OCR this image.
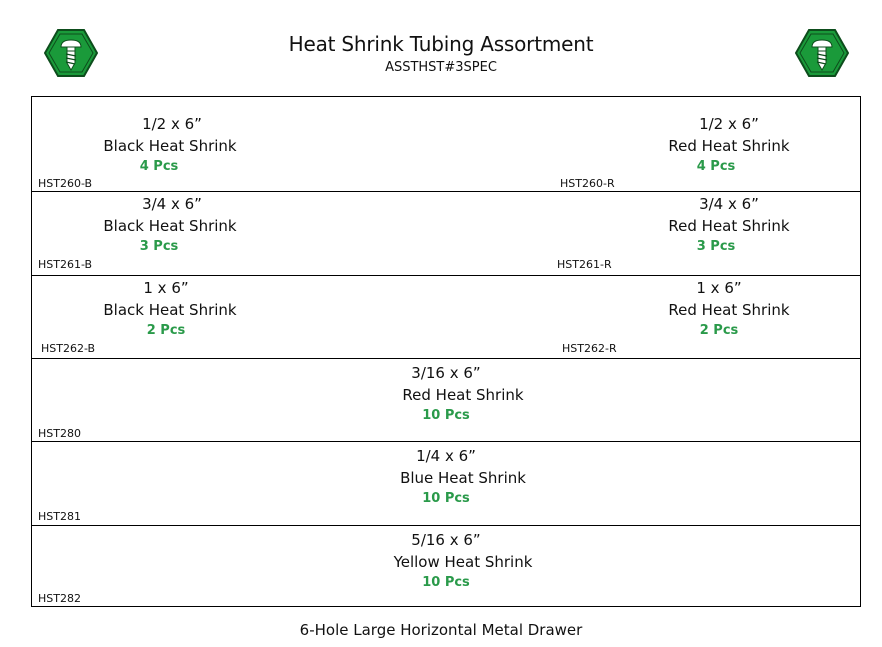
Heat Shrink Tubing Assortment
ASSTHST#3SPEC
1/2 x 6”
Black Heat Shrink
4 Pcs
HST260-B
1/2 x 6”
Red Heat Shrink
4 Pcs
HST260-R
3/4 x 6”
Black Heat Shrink
3 Pcs
HST261-B
3/4 x 6”
Red Heat Shrink
3 Pcs
HST261-R
1 x 6”
Black Heat Shrink
2 Pcs
HST262-B
1 x 6”
Red Heat Shrink
2 Pcs
HST262-R
3/16 x 6”
Red Heat Shrink
10 Pcs
HST280
1/4 x 6”
Blue Heat Shrink
10 Pcs
HST281
5/16 x 6”
Yellow Heat Shrink
10 Pcs
HST282
6-Hole Large Horizontal Metal Drawer
